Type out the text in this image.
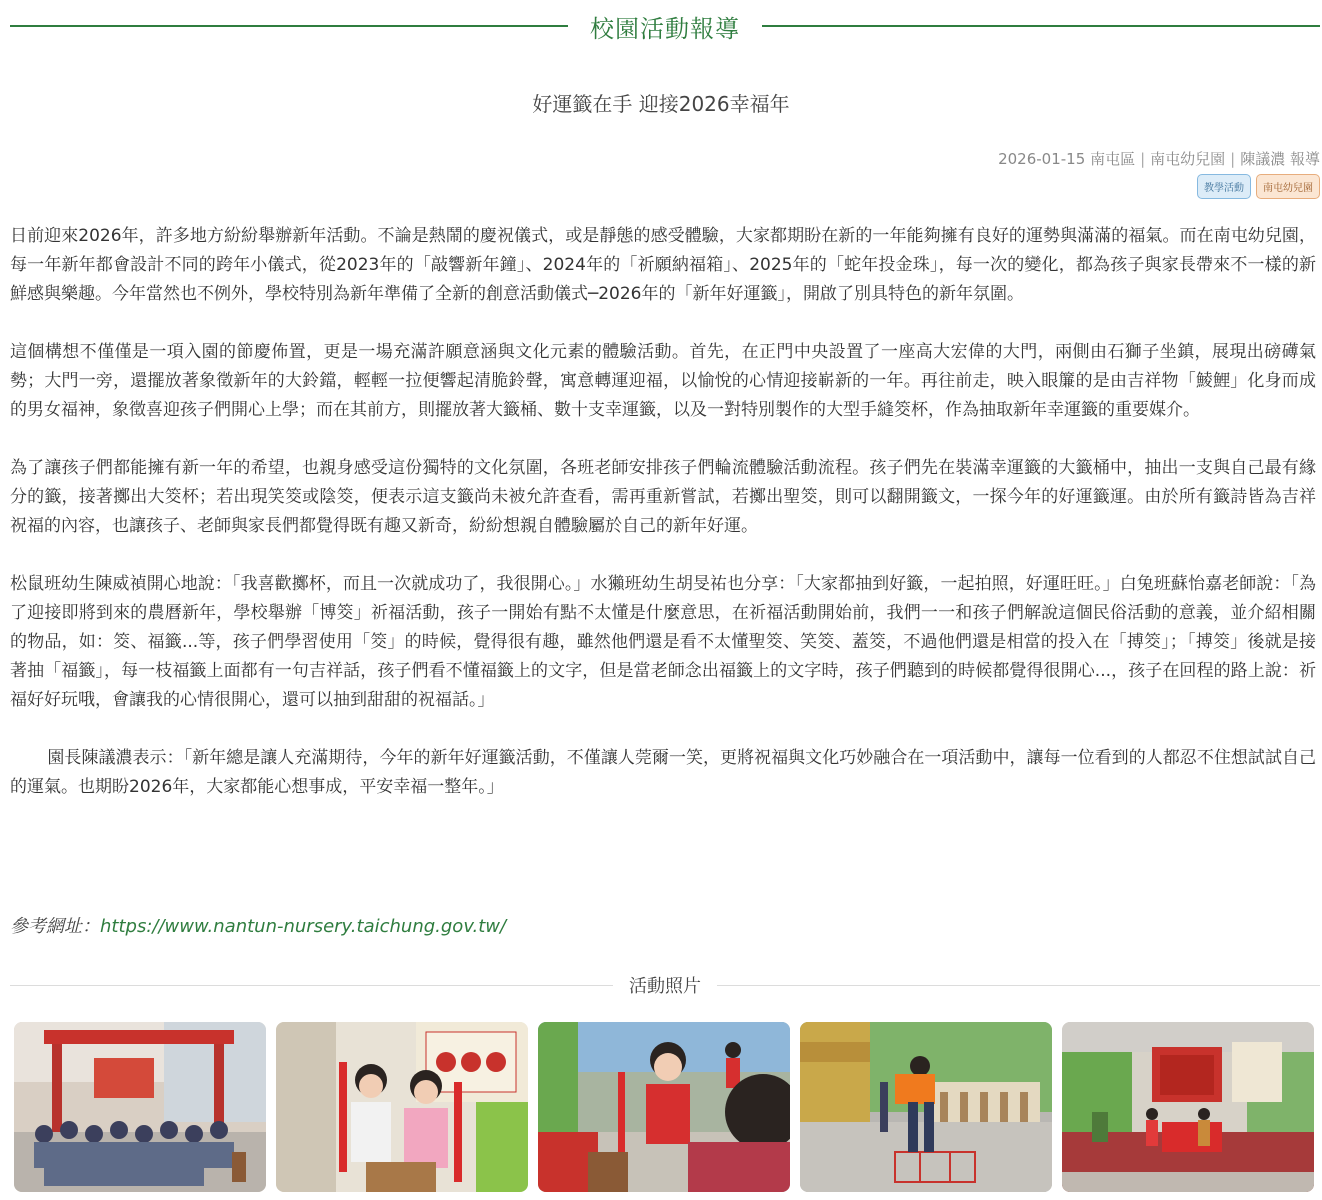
校園活動報導
好運籤在手 迎接2026幸福年
2026-01-15 南屯區 | 南屯幼兒園 | 陳議濃 報導
教學活動	南屯幼兒園

日前迎來2026年，許多地方紛紛舉辦新年活動。不論是熱鬧的慶祝儀式，或是靜態的感受體驗，大家都期盼在新的一年能夠擁有良好的運勢與滿滿的福氣。而在南屯幼兒園，每一年新年都會設計不同的跨年小儀式，從2023年的「敲響新年鐘」、2024年的「祈願納福箱」、2025年的「蛇年投金珠」，每一次的變化，都為孩子與家長帶來不一樣的新鮮感與樂趣。今年當然也不例外，學校特別為新年準備了全新的創意活動儀式─2026年的「新年好運籤」，開啟了別具特色的新年氛圍。

這個構想不僅僅是一項入園的節慶佈置，更是一場充滿許願意涵與文化元素的體驗活動。首先，在正門中央設置了一座高大宏偉的大門，兩側由石獅子坐鎮，展現出磅礡氣勢；大門一旁，還擺放著象徵新年的大鈴鐺，輕輕一拉便響起清脆鈴聲，寓意轉運迎福，以愉悅的心情迎接嶄新的一年。再往前走，映入眼簾的是由吉祥物「鯪鯉」化身而成的男女福神，象徵喜迎孩子們開心上學；而在其前方，則擺放著大籤桶、數十支幸運籤，以及一對特別製作的大型手縫筊杯，作為抽取新年幸運籤的重要媒介。

為了讓孩子們都能擁有新一年的希望，也親身感受這份獨特的文化氛圍，各班老師安排孩子們輪流體驗活動流程。孩子們先在裝滿幸運籤的大籤桶中，抽出一支與自己最有緣分的籤，接著擲出大筊杯；若出現笑筊或陰筊，便表示這支籤尚未被允許查看，需再重新嘗試，若擲出聖筊，則可以翻開籤文，一探今年的好運籤運。由於所有籤詩皆為吉祥祝福的內容，也讓孩子、老師與家長們都覺得既有趣又新奇，紛紛想親自體驗屬於自己的新年好運。

松鼠班幼生陳威禎開心地說：「我喜歡擲杯，而且一次就成功了，我很開心。」水獺班幼生胡旻祐也分享：「大家都抽到好籤，一起拍照，好運旺旺。」白兔班蘇怡嘉老師說：「為了迎接即將到來的農曆新年，學校舉辦「博筊」祈福活動，孩子一開始有點不太懂是什麼意思，在祈福活動開始前，我們一一和孩子們解說這個民俗活動的意義，並介紹相關的物品，如：筊、福籤...等，孩子們學習使用「筊」的時候，覺得很有趣，雖然他們還是看不太懂聖筊、笑筊、蓋筊，不過他們還是相當的投入在「搏筊」；「搏筊」後就是接著抽「福籤」，每一枝福籤上面都有一句吉祥話，孩子們看不懂福籤上的文字，但是當老師念出福籤上的文字時，孩子們聽到的時候都覺得很開心...，孩子在回程的路上說：祈福好好玩哦，會讓我的心情很開心，還可以抽到甜甜的祝福話。」

園長陳議濃表示：「新年總是讓人充滿期待，今年的新年好運籤活動，不僅讓人莞爾一笑，更將祝福與文化巧妙融合在一項活動中，讓每一位看到的人都忍不住想試試自己的運氣。也期盼2026年，大家都能心想事成，平安幸福一整年。」

參考網址：https://www.nantun-nursery.taichung.gov.tw/
活動照片
